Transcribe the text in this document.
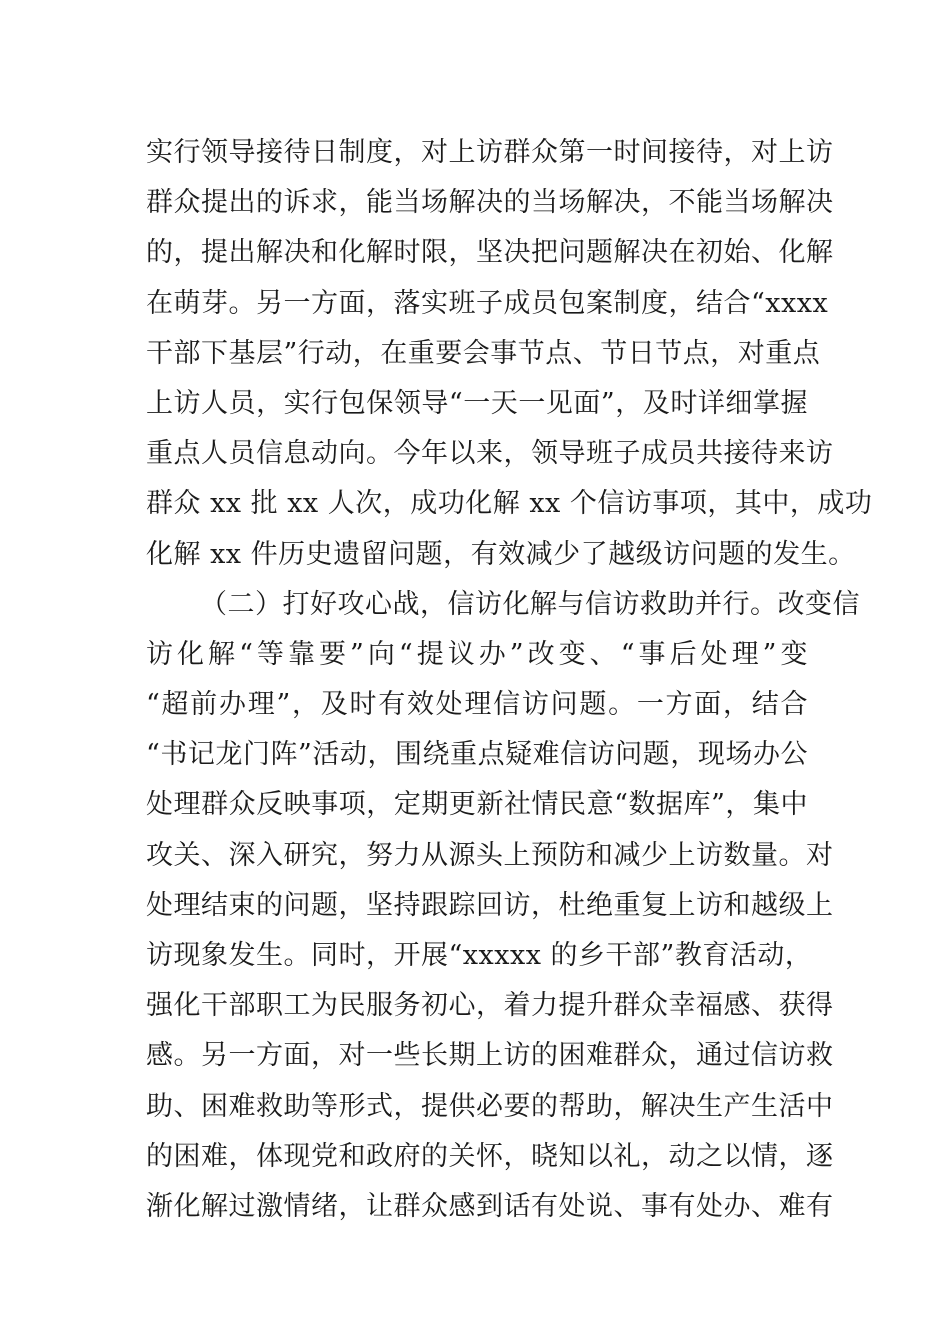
实行领导接待日制度，对上访群众第一时间接待，对上访
群众提出的诉求，能当场解决的当场解决，不能当场解决
的，提出解决和化解时限，坚决把问题解决在初始、化解
在萌芽。另一方面，落实班子成员包案制度，结合“xxxx
干部下基层”行动，在重要会事节点、节日节点，对重点
上访人员，实行包保领导“一天一见面”，及时详细掌握
重点人员信息动向。今年以来，领导班子成员共接待来访
群众 xx 批 xx 人次，成功化解 xx 个信访事项，其中，成功
化解 xx 件历史遗留问题，有效减少了越级访问题的发生。
（二）打好攻心战，信访化解与信访救助并行。改变信
访化解“等靠要”向“提议办”改变、“事后处理”变
“超前办理”，及时有效处理信访问题。一方面，结合
“书记龙门阵”活动，围绕重点疑难信访问题，现场办公
处理群众反映事项，定期更新社情民意“数据库”，集中
攻关、深入研究，努力从源头上预防和减少上访数量。对
处理结束的问题，坚持跟踪回访，杜绝重复上访和越级上
访现象发生。同时，开展“xxxxx 的乡干部”教育活动，
强化干部职工为民服务初心，着力提升群众幸福感、获得
感。另一方面，对一些长期上访的困难群众，通过信访救
助、困难救助等形式，提供必要的帮助，解决生产生活中
的困难，体现党和政府的关怀，晓知以礼，动之以情，逐
渐化解过激情绪，让群众感到话有处说、事有处办、难有
